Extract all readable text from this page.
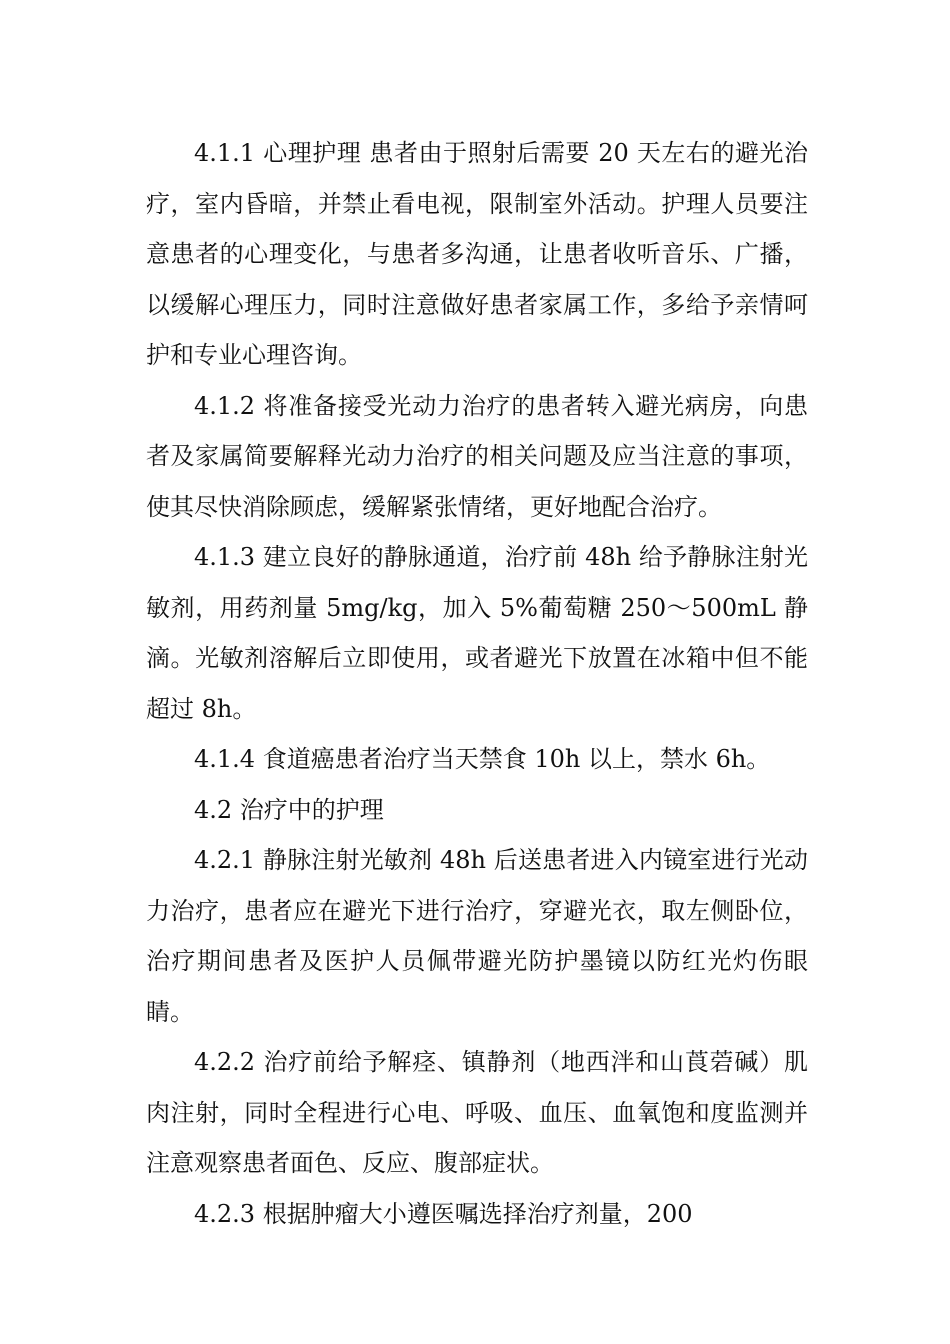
4.1.1 心理护理 患者由于照射后需要 20 天左右的避光治疗，室内昏暗，并禁止看电视，限制室外活动。护理人员要注意患者的心理变化，与患者多沟通，让患者收听音乐、广播，以缓解心理压力，同时注意做好患者家属工作，多给予亲情呵护和专业心理咨询。

4.1.2 将准备接受光动力治疗的患者转入避光病房，向患者及家属简要解释光动力治疗的相关问题及应当注意的事项，使其尽快消除顾虑，缓解紧张情绪，更好地配合治疗。

4.1.3 建立良好的静脉通道，治疗前 48h 给予静脉注射光敏剂，用药剂量 5mg/kg，加入 5%葡萄糖 250～500mL 静滴。光敏剂溶解后立即使用，或者避光下放置在冰箱中但不能超过 8h。

4.1.4 食道癌患者治疗当天禁食 10h 以上，禁水 6h。

4.2 治疗中的护理

4.2.1 静脉注射光敏剂 48h 后送患者进入内镜室进行光动力治疗，患者应在避光下进行治疗，穿避光衣，取左侧卧位，治疗期间患者及医护人员佩带避光防护墨镜以防红光灼伤眼睛。

4.2.2 治疗前给予解痉、镇静剂（地西泮和山莨菪碱）肌肉注射，同时全程进行心电、呼吸、血压、血氧饱和度监测并注意观察患者面色、反应、腹部症状。

4.2.3 根据肿瘤大小遵医嘱选择治疗剂量，200
